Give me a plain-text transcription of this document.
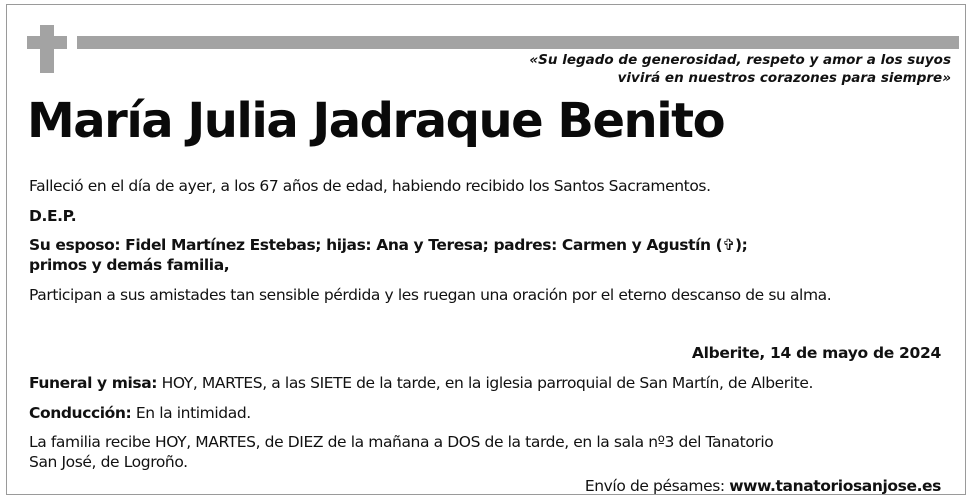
«Su legado de generosidad, respeto y amor a los suyos
vivirá en nuestros corazones para siempre»
María Julia Jadraque Benito
Falleció en el día de ayer, a los 67 años de edad, habiendo recibido los Santos Sacramentos.
D.E.P.
Su esposo: Fidel Martínez Estebas; hijas: Ana y Teresa; padres: Carmen y Agustín (✞);
primos y demás familia,
Participan a sus amistades tan sensible pérdida y les ruegan una oración por el eterno descanso de su alma.
Alberite, 14 de mayo de 2024
Funeral y misa: HOY, MARTES, a las SIETE de la tarde, en la iglesia parroquial de San Martín, de Alberite.
Conducción: En la intimidad.
La familia recibe HOY, MARTES, de DIEZ de la mañana a DOS de la tarde, en la sala nº3 del Tanatorio
San José, de Logroño.
Envío de pésames: www.tanatoriosanjose.es
